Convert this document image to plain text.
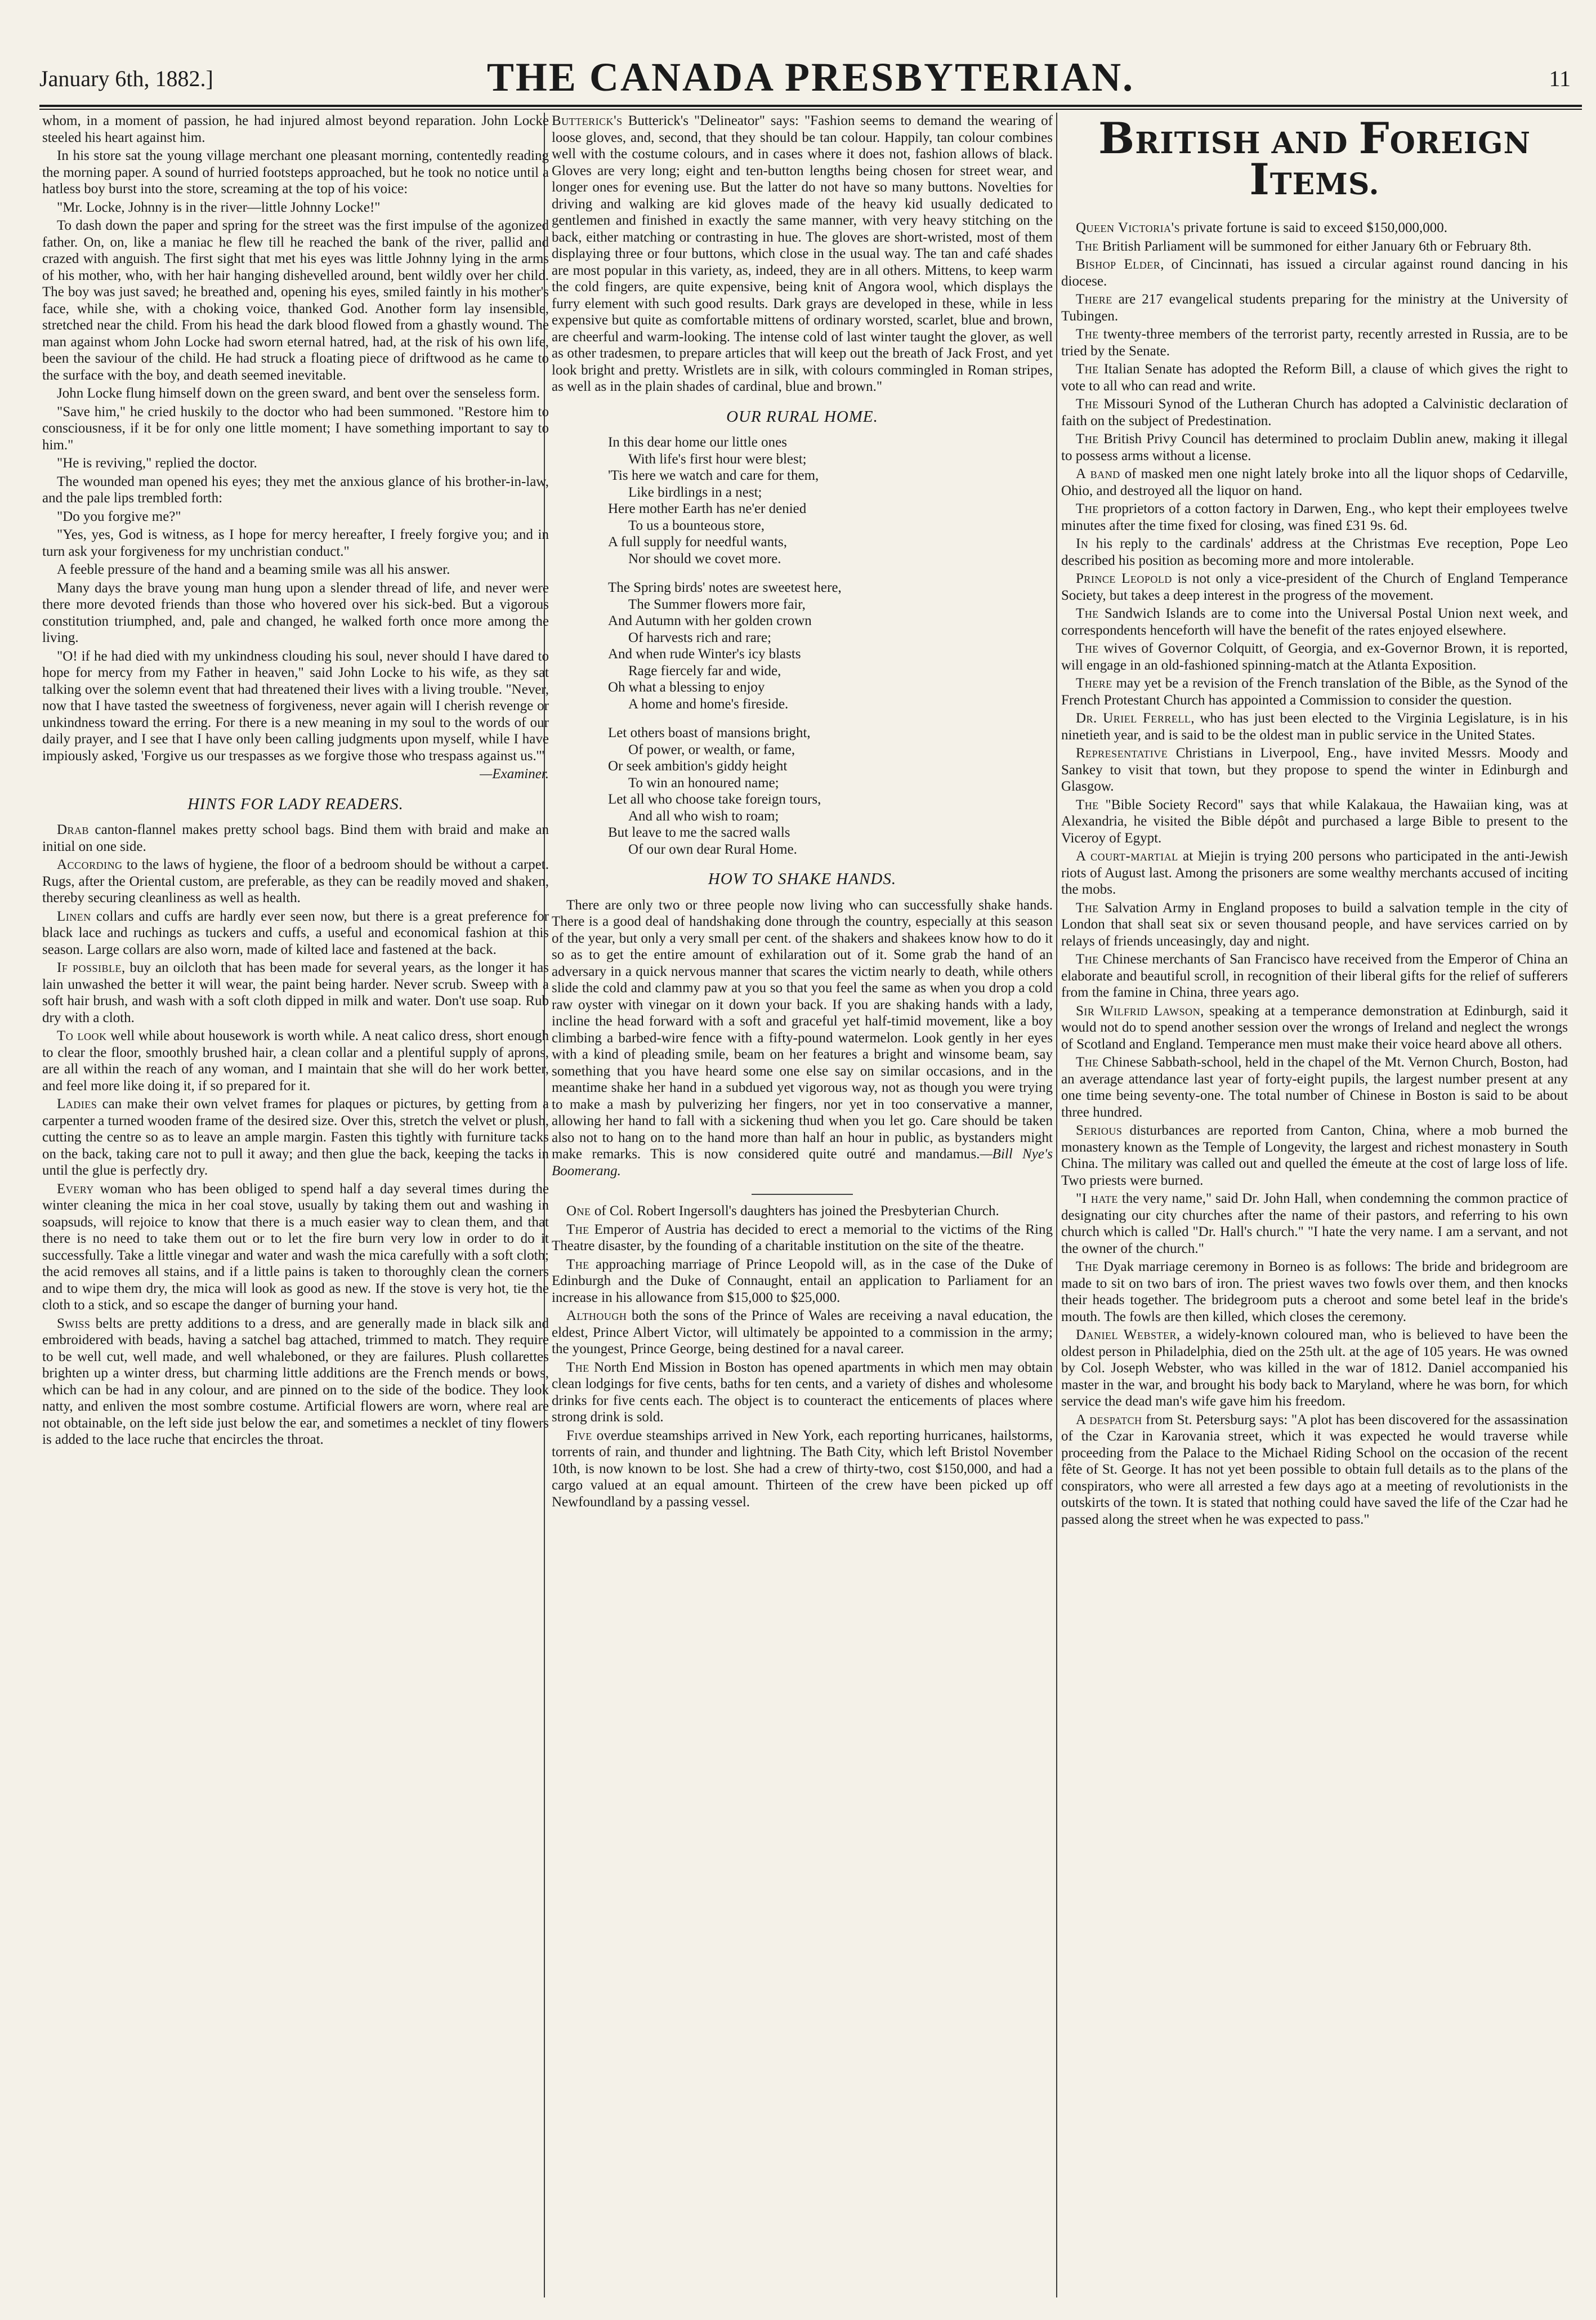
January 6th, 1882.]	THE CANADA PRESBYTERIAN.	11

whom, in a moment of passion, he had injured almost beyond reparation. John Locke steeled his heart against him.

In his store sat the young village merchant one pleasant morning, contentedly reading the morning paper. A sound of hurried footsteps approached, but he took no notice until a hatless boy burst into the store, screaming at the top of his voice:

"Mr. Locke, Johnny is in the river—little Johnny Locke!"

To dash down the paper and spring for the street was the first impulse of the agonized father. On, on, like a maniac he flew till he reached the bank of the river, pallid and crazed with anguish. The first sight that met his eyes was little Johnny lying in the arms of his mother, who, with her hair hanging dishevelled around, bent wildly over her child. The boy was just saved; he breathed and, opening his eyes, smiled faintly in his mother's face, while she, with a choking voice, thanked God. Another form lay insensible, stretched near the child. From his head the dark blood flowed from a ghastly wound. The man against whom John Locke had sworn eternal hatred, had, at the risk of his own life, been the saviour of the child. He had struck a floating piece of driftwood as he came to the surface with the boy, and death seemed inevitable.

John Locke flung himself down on the green sward, and bent over the senseless form.

"Save him," he cried huskily to the doctor who had been summoned. "Restore him to consciousness, if it be for only one little moment; I have something important to say to him."

"He is reviving," replied the doctor.

The wounded man opened his eyes; they met the anxious glance of his brother-in-law, and the pale lips trembled forth:

"Do you forgive me?"

"Yes, yes, God is witness, as I hope for mercy hereafter, I freely forgive you; and in turn ask your forgiveness for my unchristian conduct."

A feeble pressure of the hand and a beaming smile was all his answer.

Many days the brave young man hung upon a slender thread of life, and never were there more devoted friends than those who hovered over his sick-bed. But a vigorous constitution triumphed, and, pale and changed, he walked forth once more among the living.

"O! if he had died with my unkindness clouding his soul, never should I have dared to hope for mercy from my Father in heaven," said John Locke to his wife, as they sat talking over the solemn event that had threatened their lives with a living trouble. "Never, now that I have tasted the sweetness of forgiveness, never again will I cherish revenge or unkindness toward the erring. For there is a new meaning in my soul to the words of our daily prayer, and I see that I have only been calling judgments upon myself, while I have impiously asked, 'Forgive us our trespasses as we forgive those who trespass against us.'"

—Examiner.

HINTS FOR LADY READERS.

Drab canton-flannel makes pretty school bags. Bind them with braid and make an initial on one side.

According to the laws of hygiene, the floor of a bedroom should be without a carpet. Rugs, after the Oriental custom, are preferable, as they can be readily moved and shaken, thereby securing cleanliness as well as health.

Linen collars and cuffs are hardly ever seen now, but there is a great preference for black lace and ruchings as tuckers and cuffs, a useful and economical fashion at this season. Large collars are also worn, made of kilted lace and fastened at the back.

If possible, buy an oilcloth that has been made for several years, as the longer it has lain unwashed the better it will wear, the paint being harder. Never scrub. Sweep with a soft hair brush, and wash with a soft cloth dipped in milk and water. Don't use soap. Rub dry with a cloth.

To look well while about housework is worth while. A neat calico dress, short enough to clear the floor, smoothly brushed hair, a clean collar and a plentiful supply of aprons, are all within the reach of any woman, and I maintain that she will do her work better, and feel more like doing it, if so prepared for it.

Ladies can make their own velvet frames for plaques or pictures, by getting from a carpenter a turned wooden frame of the desired size. Over this, stretch the velvet or plush, cutting the centre so as to leave an ample margin. Fasten this tightly with furniture tacks on the back, taking care not to pull it away; and then glue the back, keeping the tacks in until the glue is perfectly dry.

Every woman who has been obliged to spend half a day several times during the winter cleaning the mica in her coal stove, usually by taking them out and washing in soapsuds, will rejoice to know that there is a much easier way to clean them, and that there is no need to take them out or to let the fire burn very low in order to do it successfully. Take a little vinegar and water and wash the mica carefully with a soft cloth; the acid removes all stains, and if a little pains is taken to thoroughly clean the corners and to wipe them dry, the mica will look as good as new. If the stove is very hot, tie the cloth to a stick, and so escape the danger of burning your hand.

Swiss belts are pretty additions to a dress, and are generally made in black silk and embroidered with beads, having a satchel bag attached, trimmed to match. They require to be well cut, well made, and well whaleboned, or they are failures. Plush collarettes brighten up a winter dress, but charming little additions are the French mends or bows, which can be had in any colour, and are pinned on to the side of the bodice. They look natty, and enliven the most sombre costume. Artificial flowers are worn, where real are not obtainable, on the left side just below the ear, and sometimes a necklet of tiny flowers is added to the lace ruche that encircles the throat.

Butterick's Butterick's "Delineator" says: "Fashion seems to demand the wearing of loose gloves, and, second, that they should be tan colour. Happily, tan colour combines well with the costume colours, and in cases where it does not, fashion allows of black. Gloves are very long; eight and ten-button lengths being chosen for street wear, and longer ones for evening use. But the latter do not have so many buttons. Novelties for driving and walking are kid gloves made of the heavy kid usually dedicated to gentlemen and finished in exactly the same manner, with very heavy stitching on the back, either matching or contrasting in hue. The gloves are short-wristed, most of them displaying three or four buttons, which close in the usual way. The tan and café shades are most popular in this variety, as, indeed, they are in all others. Mittens, to keep warm the cold fingers, are quite expensive, being knit of Angora wool, which displays the furry element with such good results. Dark grays are developed in these, while in less expensive but quite as comfortable mittens of ordinary worsted, scarlet, blue and brown, are cheerful and warm-looking. The intense cold of last winter taught the glover, as well as other tradesmen, to prepare articles that will keep out the breath of Jack Frost, and yet look bright and pretty. Wristlets are in silk, with colours commingled in Roman stripes, as well as in the plain shades of cardinal, blue and brown."

OUR RURAL HOME.
In this dear home our little ones
With life's first hour were blest;
'Tis here we watch and care for them,
Like birdlings in a nest;
Here mother Earth has ne'er denied
To us a bounteous store,
A full supply for needful wants,
Nor should we covet more.
The Spring birds' notes are sweetest here,
The Summer flowers more fair,
And Autumn with her golden crown
Of harvests rich and rare;
And when rude Winter's icy blasts
Rage fiercely far and wide,
Oh what a blessing to enjoy
A home and home's fireside.
Let others boast of mansions bright,
Of power, or wealth, or fame,
Or seek ambition's giddy height
To win an honoured name;
Let all who choose take foreign tours,
And all who wish to roam;
But leave to me the sacred walls
Of our own dear Rural Home.
HOW TO SHAKE HANDS.

There are only two or three people now living who can successfully shake hands. There is a good deal of handshaking done through the country, especially at this season of the year, but only a very small per cent. of the shakers and shakees know how to do it so as to get the entire amount of exhilaration out of it. Some grab the hand of an adversary in a quick nervous manner that scares the victim nearly to death, while others slide the cold and clammy paw at you so that you feel the same as when you drop a cold raw oyster with vinegar on it down your back. If you are shaking hands with a lady, incline the head forward with a soft and graceful yet half-timid movement, like a boy climbing a barbed-wire fence with a fifty-pound watermelon. Look gently in her eyes with a kind of pleading smile, beam on her features a bright and winsome beam, say something that you have heard some one else say on similar occasions, and in the meantime shake her hand in a subdued yet vigorous way, not as though you were trying to make a mash by pulverizing her fingers, nor yet in too conservative a manner, allowing her hand to fall with a sickening thud when you let go. Care should be taken also not to hang on to the hand more than half an hour in public, as bystanders might make remarks. This is now considered quite outré and mandamus.—Bill Nye's Boomerang.

One of Col. Robert Ingersoll's daughters has joined the Presbyterian Church.

The Emperor of Austria has decided to erect a memorial to the victims of the Ring Theatre disaster, by the founding of a charitable institution on the site of the theatre.

The approaching marriage of Prince Leopold will, as in the case of the Duke of Edinburgh and the Duke of Connaught, entail an application to Parliament for an increase in his allowance from $15,000 to $25,000.

Although both the sons of the Prince of Wales are receiving a naval education, the eldest, Prince Albert Victor, will ultimately be appointed to a commission in the army; the youngest, Prince George, being destined for a naval career.

The North End Mission in Boston has opened apartments in which men may obtain clean lodgings for five cents, baths for ten cents, and a variety of dishes and wholesome drinks for five cents each. The object is to counteract the enticements of places where strong drink is sold.

Five overdue steamships arrived in New York, each reporting hurricanes, hailstorms, torrents of rain, and thunder and lightning. The Bath City, which left Bristol November 10th, is now known to be lost. She had a crew of thirty-two, cost $150,000, and had a cargo valued at an equal amount. Thirteen of the crew have been picked up off Newfoundland by a passing vessel.

BRITISH AND FOREIGN ITEMS.

Queen Victoria's private fortune is said to exceed $150,000,000.

The British Parliament will be summoned for either January 6th or February 8th.

Bishop Elder, of Cincinnati, has issued a circular against round dancing in his diocese.

There are 217 evangelical students preparing for the ministry at the University of Tubingen.

The twenty-three members of the terrorist party, recently arrested in Russia, are to be tried by the Senate.

The Italian Senate has adopted the Reform Bill, a clause of which gives the right to vote to all who can read and write.

The Missouri Synod of the Lutheran Church has adopted a Calvinistic declaration of faith on the subject of Predestination.

The British Privy Council has determined to proclaim Dublin anew, making it illegal to possess arms without a license.

A band of masked men one night lately broke into all the liquor shops of Cedarville, Ohio, and destroyed all the liquor on hand.

The proprietors of a cotton factory in Darwen, Eng., who kept their employees twelve minutes after the time fixed for closing, was fined £31 9s. 6d.

In his reply to the cardinals' address at the Christmas Eve reception, Pope Leo described his position as becoming more and more intolerable.

Prince Leopold is not only a vice-president of the Church of England Temperance Society, but takes a deep interest in the progress of the movement.

The Sandwich Islands are to come into the Universal Postal Union next week, and correspondents henceforth will have the benefit of the rates enjoyed elsewhere.

The wives of Governor Colquitt, of Georgia, and ex-Governor Brown, it is reported, will engage in an old-fashioned spinning-match at the Atlanta Exposition.

There may yet be a revision of the French translation of the Bible, as the Synod of the French Protestant Church has appointed a Commission to consider the question.

Dr. Uriel Ferrell, who has just been elected to the Virginia Legislature, is in his ninetieth year, and is said to be the oldest man in public service in the United States.

Representative Christians in Liverpool, Eng., have invited Messrs. Moody and Sankey to visit that town, but they propose to spend the winter in Edinburgh and Glasgow.

The "Bible Society Record" says that while Kalakaua, the Hawaiian king, was at Alexandria, he visited the Bible dépôt and purchased a large Bible to present to the Viceroy of Egypt.

A court-martial at Miejin is trying 200 persons who participated in the anti-Jewish riots of August last. Among the prisoners are some wealthy merchants accused of inciting the mobs.

The Salvation Army in England proposes to build a salvation temple in the city of London that shall seat six or seven thousand people, and have services carried on by relays of friends unceasingly, day and night.

The Chinese merchants of San Francisco have received from the Emperor of China an elaborate and beautiful scroll, in recognition of their liberal gifts for the relief of sufferers from the famine in China, three years ago.

Sir Wilfrid Lawson, speaking at a temperance demonstration at Edinburgh, said it would not do to spend another session over the wrongs of Ireland and neglect the wrongs of Scotland and England. Temperance men must make their voice heard above all others.

The Chinese Sabbath-school, held in the chapel of the Mt. Vernon Church, Boston, had an average attendance last year of forty-eight pupils, the largest number present at any one time being seventy-one. The total number of Chinese in Boston is said to be about three hundred.

Serious disturbances are reported from Canton, China, where a mob burned the monastery known as the Temple of Longevity, the largest and richest monastery in South China. The military was called out and quelled the émeute at the cost of large loss of life. Two priests were burned.

"I hate the very name," said Dr. John Hall, when condemning the common practice of designating our city churches after the name of their pastors, and referring to his own church which is called "Dr. Hall's church." "I hate the very name. I am a servant, and not the owner of the church."

The Dyak marriage ceremony in Borneo is as follows: The bride and bridegroom are made to sit on two bars of iron. The priest waves two fowls over them, and then knocks their heads together. The bridegroom puts a cheroot and some betel leaf in the bride's mouth. The fowls are then killed, which closes the ceremony.

Daniel Webster, a widely-known coloured man, who is believed to have been the oldest person in Philadelphia, died on the 25th ult. at the age of 105 years. He was owned by Col. Joseph Webster, who was killed in the war of 1812. Daniel accompanied his master in the war, and brought his body back to Maryland, where he was born, for which service the dead man's wife gave him his freedom.

A despatch from St. Petersburg says: "A plot has been discovered for the assassination of the Czar in Karovania street, which it was expected he would traverse while proceeding from the Palace to the Michael Riding School on the occasion of the recent fête of St. George. It has not yet been possible to obtain full details as to the plans of the conspirators, who were all arrested a few days ago at a meeting of revolutionists in the outskirts of the town. It is stated that nothing could have saved the life of the Czar had he passed along the street when he was expected to pass."
